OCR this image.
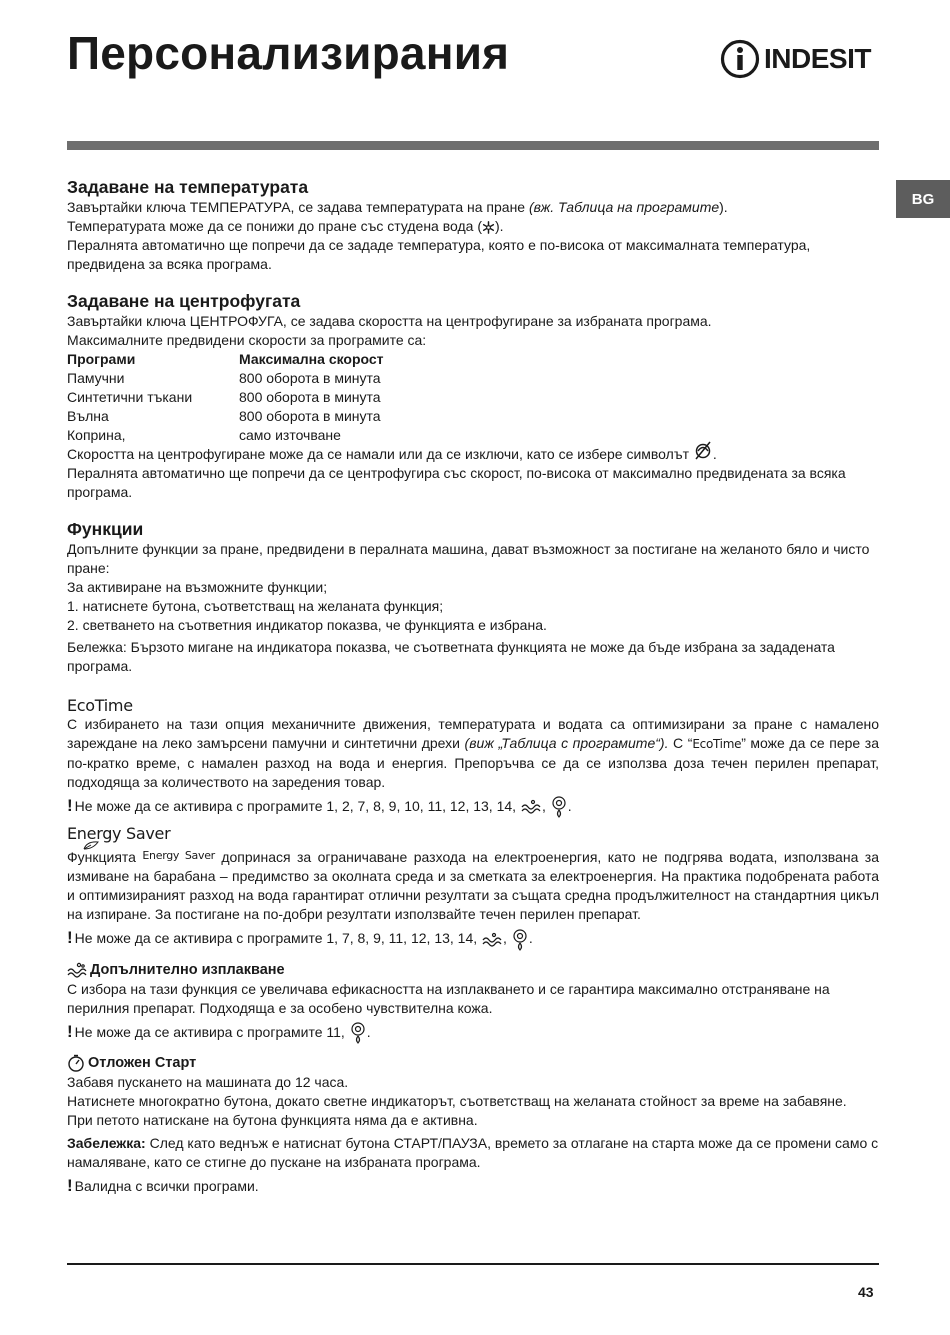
Персонализирания	INDESIT
BG
Задаване на температурата

Завъртайки ключа ТЕМПЕРАТУРА, се задава температурата на пране (вж. Таблица на програмите).

Температурата може да се понижи до пране със студена вода ( ).

Пералнята автоматично ще попречи да се зададе температура, която е по-висока от максималната температура, предвидена за всяка програма.

Задаване на центрофугата

Завъртайки ключа ЦЕНТРОФУГА, се задава скоростта на центрофугиране за избраната програма.

Максималните предвидени скорости за програмите са:

Програми	Максимална скорост
Памучни	800 оборота в минута
Синтетични тъкани	800 оборота в минута
Вълна	800 оборота в минута
Коприна,	само източване

Скоростта на центрофугиране може да се намали или да се изключи, като се избере символът .

Пералнята автоматично ще попречи да се центрофугира със скорост, по-висока от максимално предвидената за всяка програма.

Функции

Допълните функции за пране, предвидени в пералната машина, дават възможност за постигане на желаното бяло и чисто пране:

За активиране на възможните функции;

1. натиснете бутона, съответстващ на желаната функция;

2. светването на съответния индикатор показва, че функцията е избрана.

Бележка: Бързото мигане на индикатора показва, че съответната функцията не може да бъде избрана за зададената програма.

EcoTime

С избирането на тази опция механичните движения, температурата и водата са оптимизирани за пране с намалено зареждане на леко замърсени памучни и синтетични дрехи (виж „Таблица с програмите“). С “EcoTime” може да се пере за по-кратко време, с намален разход на вода и енергия. Препоръчва се да се използва доза течен перилен препарат, подходяща за количеството на заредения товар.

! Не може да се активира с програмите 1, 2, 7, 8, 9, 10, 11, 12, 13, 14, , .

Energy Saver

Функцията $^{Energy Saver}$ допринася за ограничаване разхода на електроенергия, като не подгрява водата, използвана за измиване на барабана – предимство за околната среда и за сметката за електроенергия. На практика подобрената работа и оптимизираният разход на вода гарантират отлични резултати за същата средна продължителност на стандартния цикъл на изпиране. За постигане на по-добри резултати използвайте течен перилен препарат.

! Не може да се активира с програмите 1, 7, 8, 9, 11, 12, 13, 14, , .

Допълнително изплакване

С избора на тази функция се увеличава ефикасността на изплакването и се гарантира максимално отстраняване на перилния препарат. Подходяща е за особено чувствителна кожа.

! Не може да се активира с програмите 11, .

Отложен Старт

Забавя пускането на машината до 12 часа.

Натиснете многократно бутона, докато светне индикаторът, съответстващ на желаната стойност за време на забавяне.

При петото натискане на бутона функцията няма да е активна.

Забележка: След като веднъж е натиснат бутона СТАРТ/ПАУЗА, времето за отлагане на старта може да се промени само с намаляване, като се стигне до пускане на избраната програма.

! Валидна с всички програми.

43
